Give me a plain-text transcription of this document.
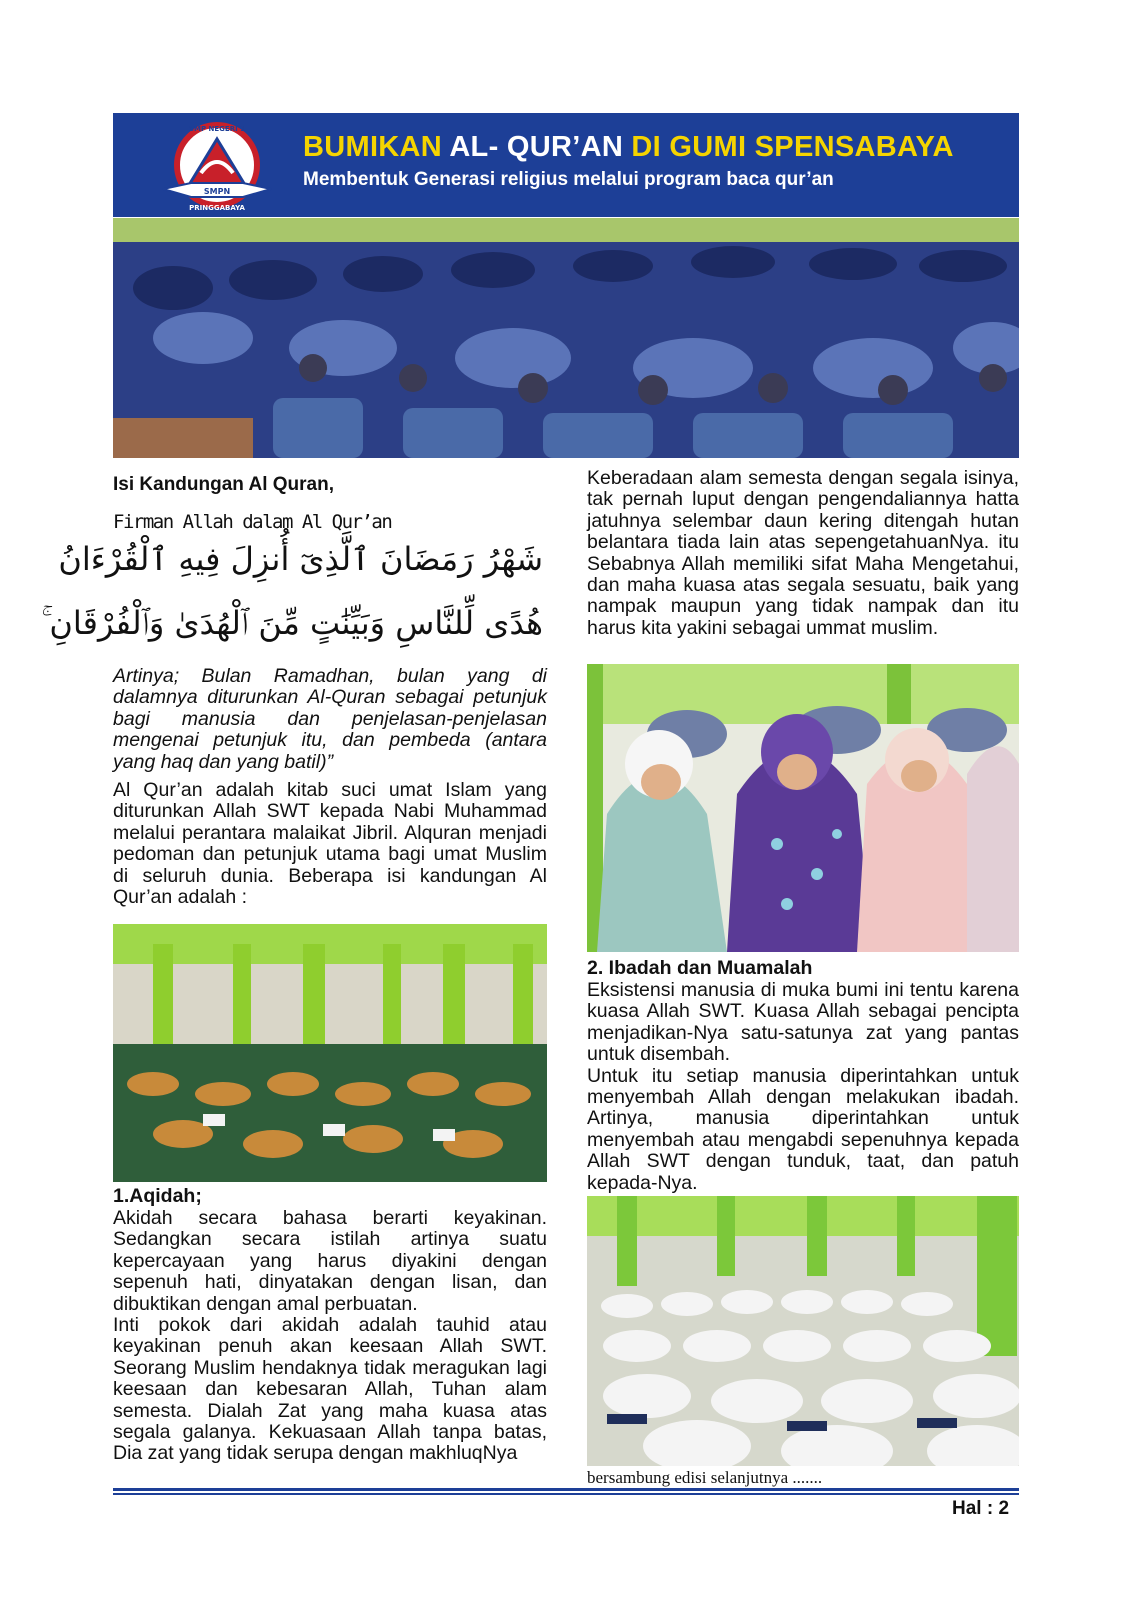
SMPN
SMP NEGERI 1
PRINGGABAYA
BUMIKAN AL- QUR’AN DI GUMI SPENSABAYA
Membentuk Generasi religius melalui program baca qur’an
Isi Kandungan Al Quran,
Firman Allah dalam Al Qur’an
شَهْرُ رَمَضَانَ ٱلَّذِىٓ أُنزِلَ فِيهِ ٱلْقُرْءَانُ
هُدًى لِّلنَّاسِ وَبَيِّنَٰتٍ مِّنَ ٱلْهُدَىٰ وَٱلْفُرْقَانِ ۚ

Artinya; Bulan Ramadhan, bulan yang di dalamnya diturunkan Al-Quran sebagai petunjuk bagi manusia dan penjelasan-penjelasan mengenai petunjuk itu, dan pembeda (antara yang haq dan yang batil)”

Al Qur’an adalah kitab suci umat Islam yang diturunkan Allah SWT kepada Nabi Muhammad melalui perantara malaikat Jibril. Alquran menjadi pedoman dan petunjuk utama bagi umat Muslim di seluruh dunia. Beberapa isi kandungan Al Qur’an adalah :

1.Aqidah;

Akidah secara bahasa berarti keyakinan. Sedangkan secara istilah artinya suatu kepercayaan yang harus diyakini dengan sepenuh hati, dinyatakan dengan lisan, dan dibuktikan dengan amal perbuatan.

Inti pokok dari akidah adalah tauhid atau keyakinan penuh akan keesaan Allah SWT. Seorang Muslim hendaknya tidak meragukan lagi keesaan dan kebesaran Allah, Tuhan alam semesta. Dialah Zat yang maha kuasa atas segala galanya. Kekuasaan Allah tanpa batas, Dia zat yang tidak serupa dengan makhluqNya

Keberadaan alam semesta dengan segala isinya, tak pernah luput dengan pengendaliannya hatta jatuhnya selembar daun kering ditengah hutan belantara tiada lain atas sepengetahuanNya. itu Sebabnya Allah memiliki sifat Maha Mengetahui, dan maha kuasa atas segala sesuatu, baik yang nampak maupun yang tidak nampak dan itu harus kita yakini sebagai ummat muslim.

2. Ibadah dan Muamalah

Eksistensi manusia di muka bumi ini tentu karena kuasa Allah SWT. Kuasa Allah sebagai pencipta menjadikan-Nya satu-satunya zat yang pantas untuk disembah.

Untuk itu setiap manusia diperintahkan untuk menyembah Allah dengan melakukan ibadah. Artinya, manusia diperintahkan untuk menyembah atau mengabdi sepenuhnya kepada Allah SWT dengan tunduk, taat, dan patuh kepada-Nya.

bersambung edisi selanjutnya .......
Hal : 2
